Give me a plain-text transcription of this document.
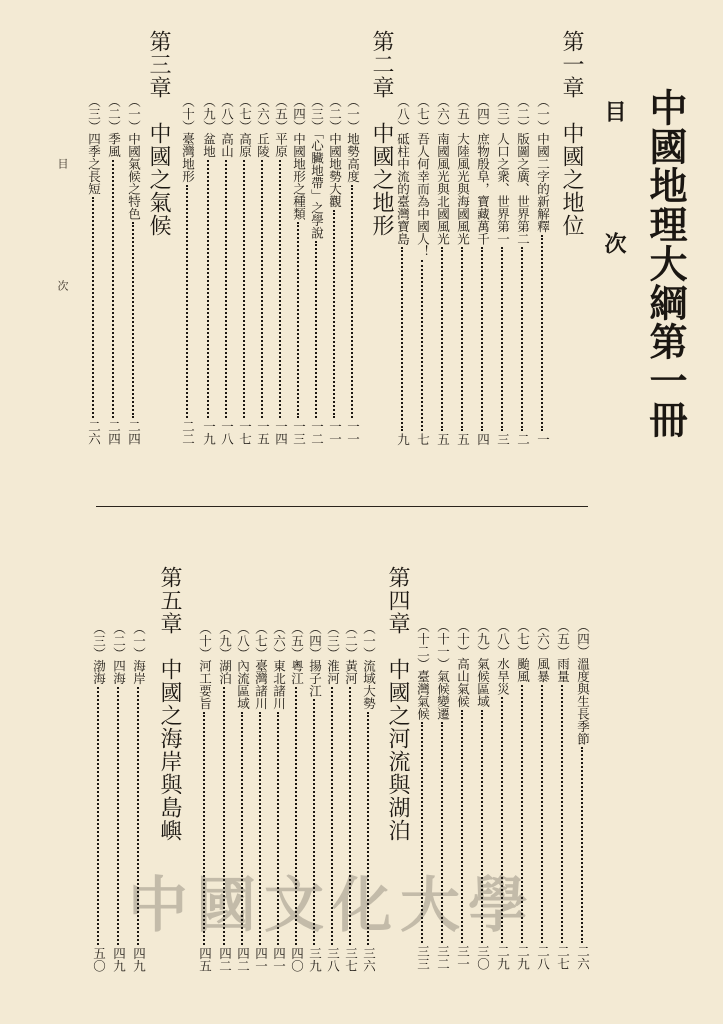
中國地理大綱第一冊
目　次
目　次
第一章　中國之地位
（一）中國二字的新解釋
一
（二）版圖之廣、世界第二
二
（三）人口之衆、世界第一
三
（四）庶物殷阜，寶藏萬千
四
（五）大陸風光與海國風光
五
（六）南國風光與北國風光
五
（七）吾人何幸而為中國人！
七
（八）砥柱中流的臺灣寶島
九
第二章　中國之地形
（一）地勢高度
一一
（二）中國地勢大觀
一一
（三）「心臟地帶」之學說
一二
（四）中國地形之種類
一三
（五）平原
一四
（六）丘陵
一五
（七）高原
一七
（八）高山
一八
（九）盆地
一九
（十）臺灣地形
二二
第三章　中國之氣候
（一）中國氣候之特色
二四
（二）季風
二四
（三）四季之長短
二六
（四）溫度與生長季節
二六
（五）雨量
二七
（六）風暴
二八
（七）颱風
二九
（八）水旱災
二九
（九）氣候區域
三〇
（十）高山氣候
三一
（十一）氣候變遷
三二
（十二）臺灣氣候
三三
第四章　中國之河流與湖泊
（一）流域大勢
三六
（二）黃河
三七
（三）淮河
三八
（四）揚子江
三九
（五）粵江
四〇
（六）東北諸川
四一
（七）臺灣諸川
四一
（八）內流區域
四二
（九）湖泊
四二
（十）河工要旨
四五
第五章　中國之海岸與島嶼
（一）海岸
四九
（二）四海
四九
（三）渤海
五〇
中國文化大學
